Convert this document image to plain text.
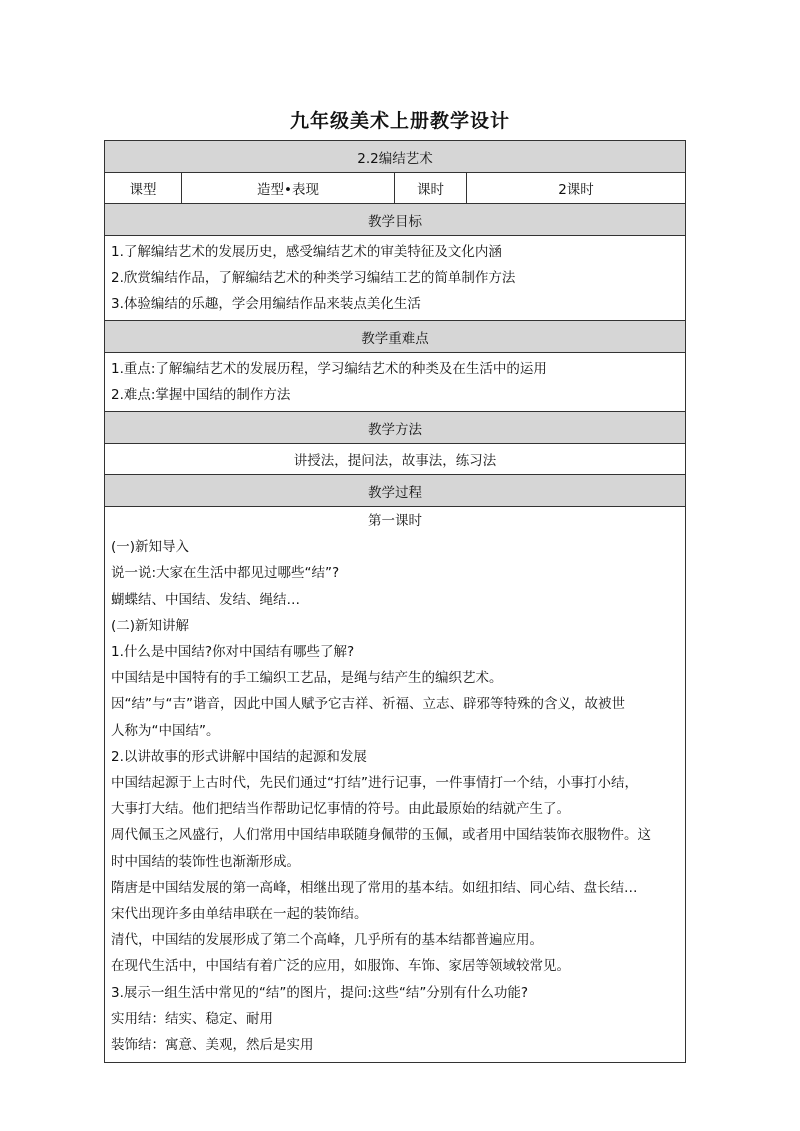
九年级美术上册教学设计
2.2编结艺术
课型	造型•表现	课时	2课时
教学目标

1.了解编结艺术的发展历史，感受编结艺术的审美特征及文化内涵
2.欣赏编结作品，了解编结艺术的种类学习编结工艺的简单制作方法
3.体验编结的乐趣，学会用编结作品来装点美化生活

教学重难点

1.重点:了解编结艺术的发展历程，学习编结艺术的种类及在生活中的运用
2.难点:掌握中国结的制作方法

教学方法
讲授法，提问法，故事法，练习法
教学过程

第一课时
(一)新知导入
说一说:大家在生活中都见过哪些“结”?
蝴蝶结、中国结、发结、绳结…
(二)新知讲解
1.什么是中国结?你对中国结有哪些了解?
中国结是中国特有的手工编织工艺品，是绳与结产生的编织艺术。
因“结”与“吉”谐音，因此中国人赋予它吉祥、祈福、立志、辟邪等特殊的含义，故被世
人称为“中国结”。
2.以讲故事的形式讲解中国结的起源和发展
中国结起源于上古时代，先民们通过“打结”进行记事，一件事情打一个结，小事打小结，
大事打大结。他们把结当作帮助记忆事情的符号。由此最原始的结就产生了。
周代佩玉之风盛行，人们常用中国结串联随身佩带的玉佩，或者用中国结装饰衣服物件。这
时中国结的装饰性也渐渐形成。
隋唐是中国结发展的第一高峰，相继出现了常用的基本结。如纽扣结、同心结、盘长结…
宋代出现许多由单结串联在一起的装饰结。
清代，中国结的发展形成了第二个高峰，几乎所有的基本结都普遍应用。
在现代生活中，中国结有着广泛的应用，如服饰、车饰、家居等领域较常见。
3.展示一组生活中常见的“结”的图片，提问:这些“结”分别有什么功能?
实用结：结实、稳定、耐用
装饰结：寓意、美观，然后是实用
